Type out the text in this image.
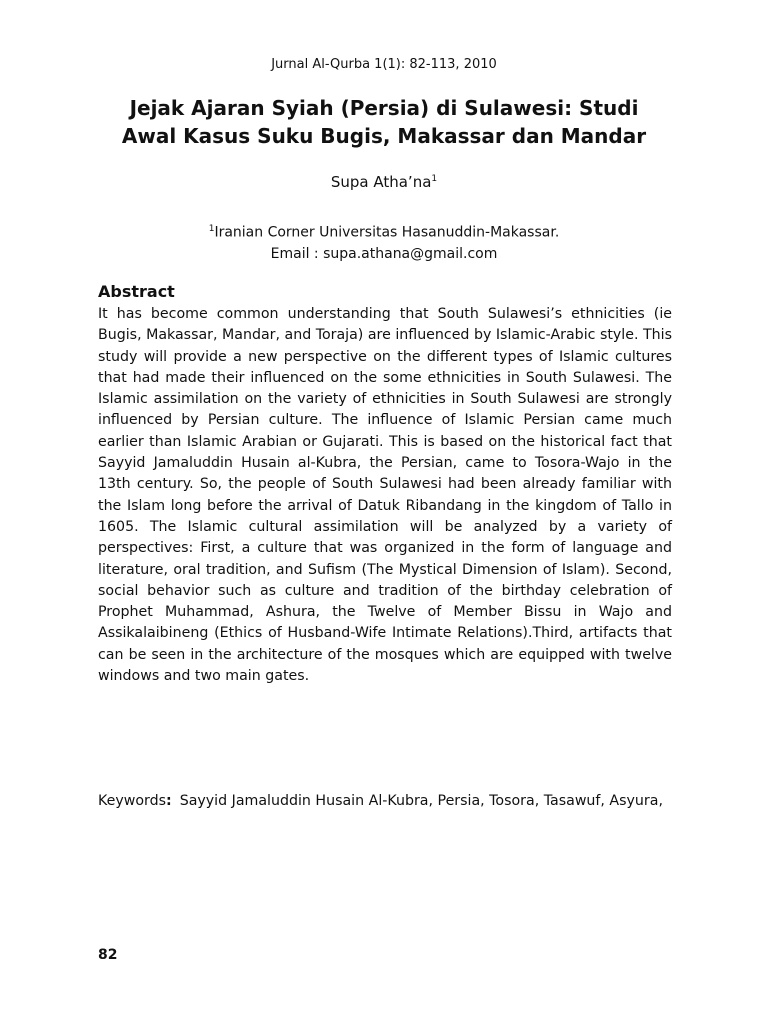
Jurnal Al-Qurba 1(1): 82-113, 2010
Jejak Ajaran Syiah (Persia) di Sulawesi: Studi
Awal Kasus Suku Bugis, Makassar dan Mandar
Supa $Atha’na^1$
$^1$Iranian Corner Universitas Hasanuddin-Makassar.
Email : supa.athana@gmail.com
Abstract
It has become common understanding that South Sulawesi’s ethnicities (ie Bugis, Makassar, Mandar, and Toraja) are influenced by Islamic-Arabic style. This study will provide a new perspective on the different types of Islamic cultures that had made their influenced on the some ethnicities in South Sulawesi. The Islamic assimilation on the variety of ethnicities in South Sulawesi are strongly influenced by Persian culture. The influence of Islamic Persian came much earlier than Islamic Arabian or Gujarati. This is based on the historical fact that Sayyid Jamaluddin Husain al-Kubra, the Persian, came to Tosora-Wajo in the 13th century. So, the people of South Sulawesi had been already familiar with the Islam long before the arrival of Datuk Ribandang in the kingdom of Tallo in 1605. The Islamic cultural assimilation will be analyzed by a variety of perspectives: First, a culture that was organized in the form of language and literature, oral tradition, and Sufism (The Mystical Dimension of Islam). Second, social behavior such as culture and tradition of the birthday celebration of Prophet Muhammad, Ashura, the Twelve of Member Bissu in Wajo and Assikalaibineng (Ethics of Husband-Wife Intimate Relations).Third, artifacts that can be seen in the architecture of the mosques which are equipped with twelve windows and two main gates.
Keywords: Sayyid Jamaluddin Husain Al-Kubra, Persia, Tosora, Tasawuf, Asyura,
82
